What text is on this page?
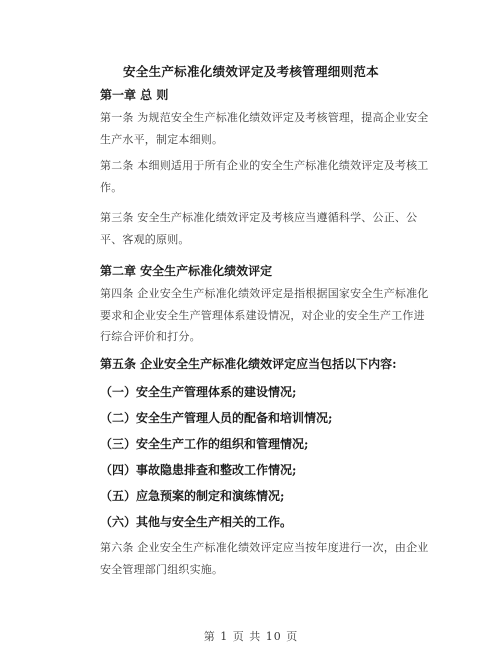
安全生产标准化绩效评定及考核管理细则范本
第一章 总 则
第一条 为规范安全生产标准化绩效评定及考核管理，提高企业安全生产水平，制定本细则。
第二条 本细则适用于所有企业的安全生产标准化绩效评定及考核工作。
第三条 安全生产标准化绩效评定及考核应当遵循科学、公正、公平、客观的原则。
第二章 安全生产标准化绩效评定
第四条 企业安全生产标准化绩效评定是指根据国家安全生产标准化要求和企业安全生产管理体系建设情况，对企业的安全生产工作进行综合评价和打分。
第五条 企业安全生产标准化绩效评定应当包括以下内容:
（一）安全生产管理体系的建设情况;
（二）安全生产管理人员的配备和培训情况;
（三）安全生产工作的组织和管理情况;
（四）事故隐患排查和整改工作情况;
（五）应急预案的制定和演练情况;
（六）其他与安全生产相关的工作。
第六条 企业安全生产标准化绩效评定应当按年度进行一次，由企业安全管理部门组织实施。
第 1 页 共 10 页
